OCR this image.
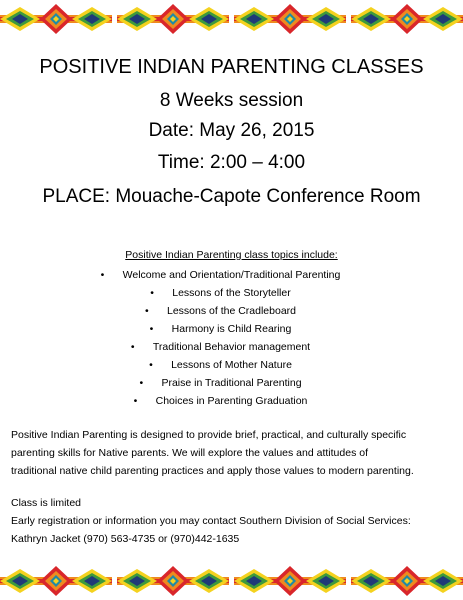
POSITIVE INDIAN PARENTING CLASSES
8 Weeks session
Date: May 26, 2015
Time: 2:00 – 4:00
PLACE: Mouache-Capote Conference Room
Positive Indian Parenting class topics include:
• Welcome and Orientation/Traditional Parenting
• Lessons of the Storyteller
• Lessons of the Cradleboard
• Harmony is Child Rearing
• Traditional Behavior management
• Lessons of Mother Nature
• Praise in Traditional Parenting
• Choices in Parenting Graduation
Positive Indian Parenting is designed to provide brief, practical, and culturally specific
parenting skills for Native parents. We will explore the values and attitudes of
traditional native child parenting practices and apply those values to modern parenting.
Class is limited
Early registration or information you may contact Southern Division of Social Services:
Kathryn Jacket (970) 563-4735 or (970)442-1635
